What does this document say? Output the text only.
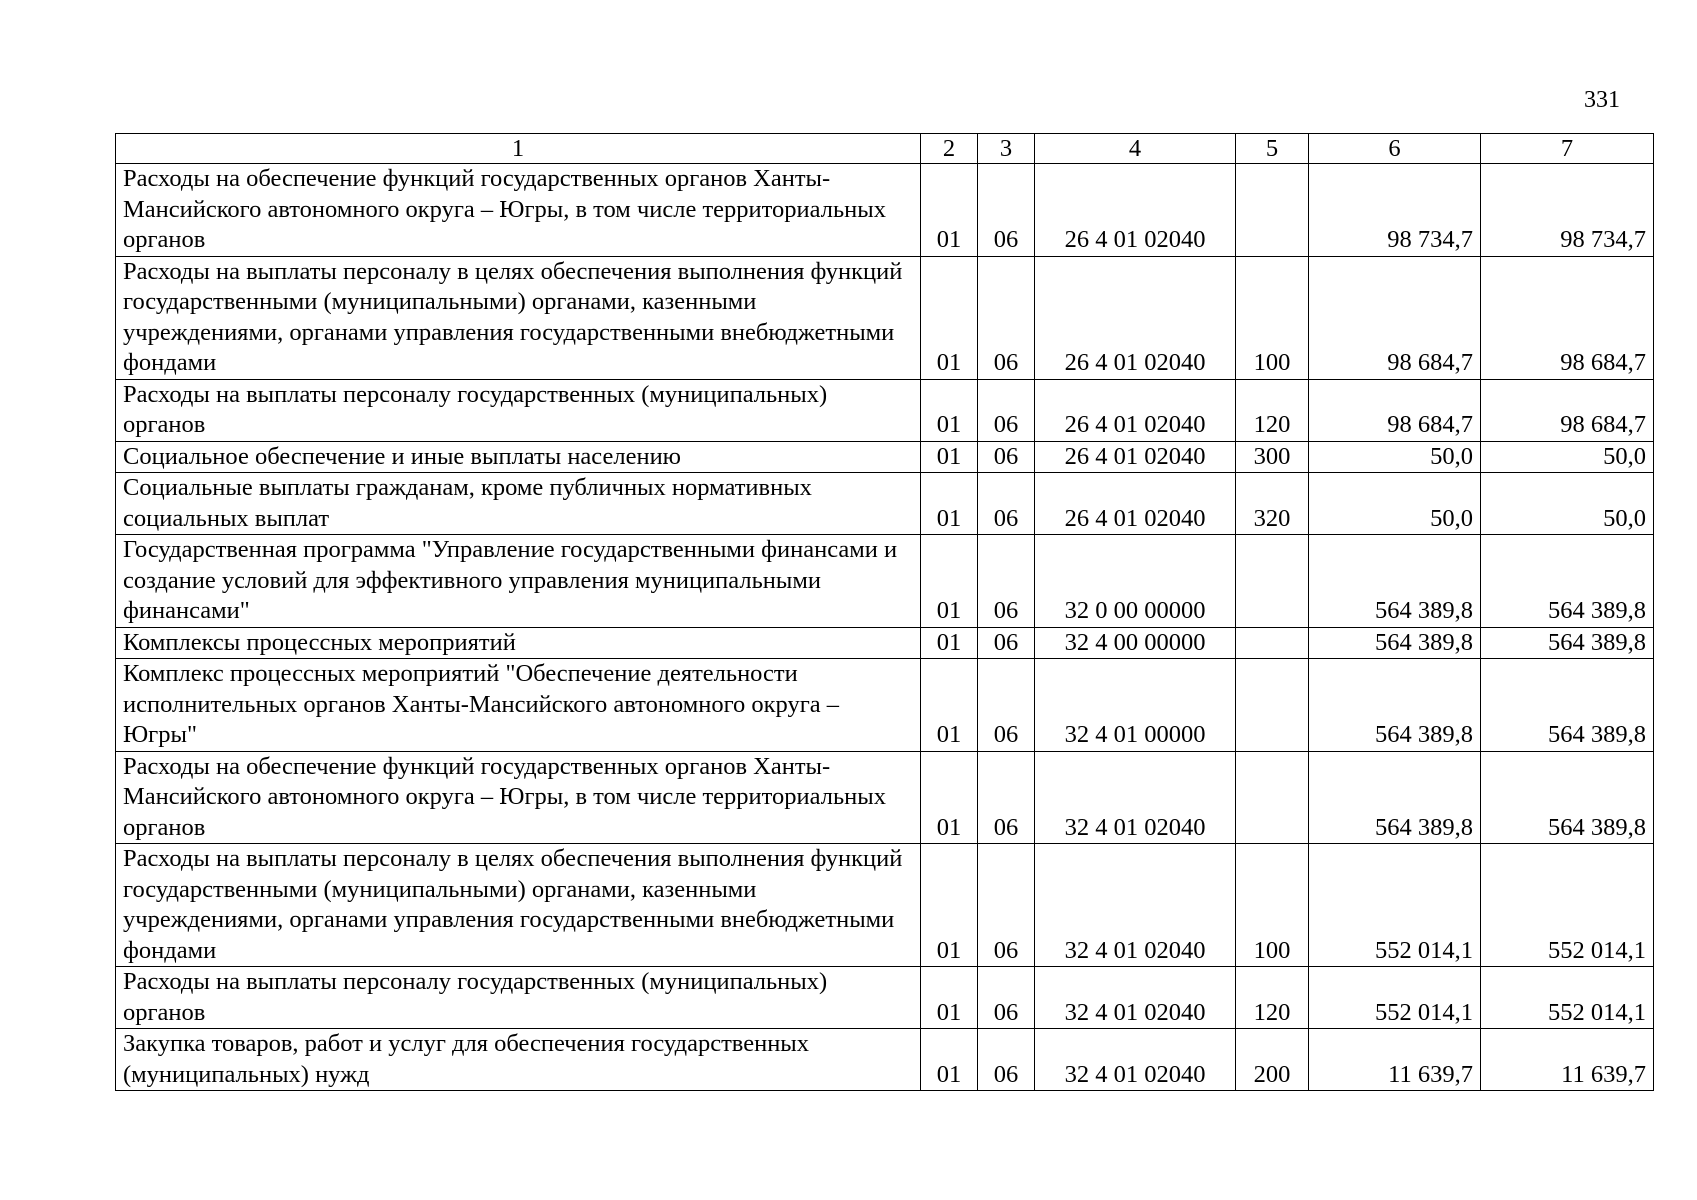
331
1	2	3	4	5	6	7
Расходы на обеспечение функций государственных органов Ханты-Мансийского автономного округа – Югры, в том числе территориальных органов	01	06	26 4 01 02040		98 734,7	98 734,7
Расходы на выплаты персоналу в целях обеспечения выполнения функций государственными (муниципальными) органами, казенными учреждениями, органами управления государственными внебюджетными фондами	01	06	26 4 01 02040	100	98 684,7	98 684,7
Расходы на выплаты персоналу государственных (муниципальных) органов	01	06	26 4 01 02040	120	98 684,7	98 684,7
Социальное обеспечение и иные выплаты населению	01	06	26 4 01 02040	300	50,0	50,0
Социальные выплаты гражданам, кроме публичных нормативных социальных выплат	01	06	26 4 01 02040	320	50,0	50,0
Государственная программа "Управление государственными финансами и создание условий для эффективного управления муниципальными финансами"	01	06	32 0 00 00000		564 389,8	564 389,8
Комплексы процессных мероприятий	01	06	32 4 00 00000		564 389,8	564 389,8
Комплекс процессных мероприятий "Обеспечение деятельности исполнительных органов Ханты-Мансийского автономного округа – Югры"	01	06	32 4 01 00000		564 389,8	564 389,8
Расходы на обеспечение функций государственных органов Ханты-Мансийского автономного округа – Югры, в том числе территориальных органов	01	06	32 4 01 02040		564 389,8	564 389,8
Расходы на выплаты персоналу в целях обеспечения выполнения функций государственными (муниципальными) органами, казенными учреждениями, органами управления государственными внебюджетными фондами	01	06	32 4 01 02040	100	552 014,1	552 014,1
Расходы на выплаты персоналу государственных (муниципальных) органов	01	06	32 4 01 02040	120	552 014,1	552 014,1
Закупка товаров, работ и услуг для обеспечения государственных (муниципальных) нужд	01	06	32 4 01 02040	200	11 639,7	11 639,7
